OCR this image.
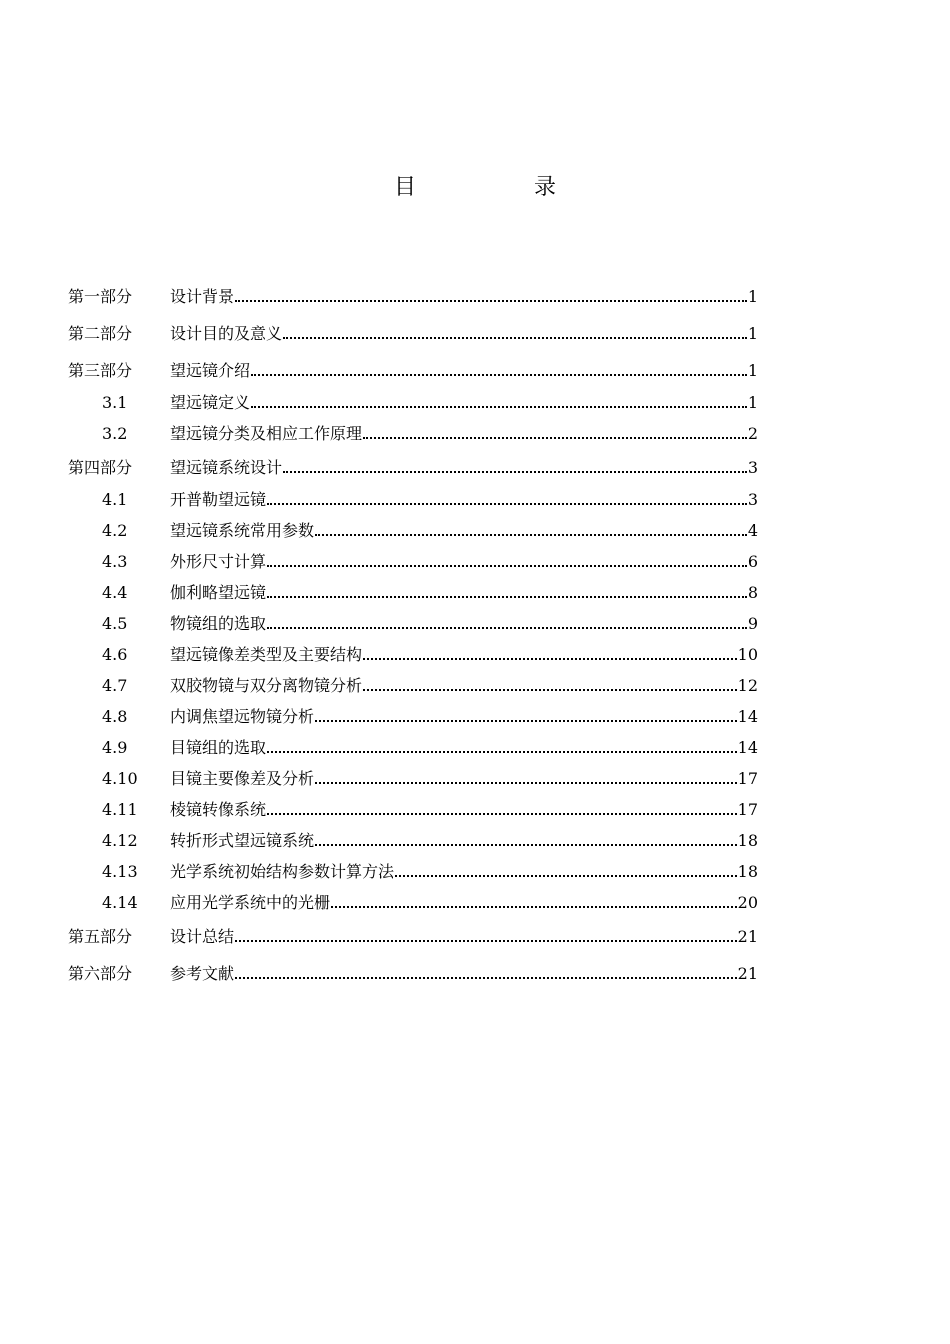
目　录
第一部分	设计背景	1
第二部分	设计目的及意义	1
第三部分	望远镜介绍	1
3.1	望远镜定义	1
3.2	望远镜分类及相应工作原理	2
第四部分	望远镜系统设计	3
4.1	开普勒望远镜	3
4.2	望远镜系统常用参数	4
4.3	外形尺寸计算	6
4.4	伽利略望远镜	8
4.5	物镜组的选取	9
4.6	望远镜像差类型及主要结构	10
4.7	双胶物镜与双分离物镜分析	12
4.8	内调焦望远物镜分析	14
4.9	目镜组的选取	14
4.10	目镜主要像差及分析	17
4.11	棱镜转像系统	17
4.12	转折形式望远镜系统	18
4.13	光学系统初始结构参数计算方法	18
4.14	应用光学系统中的光栅	20
第五部分	设计总结	21
第六部分	参考文献	21
